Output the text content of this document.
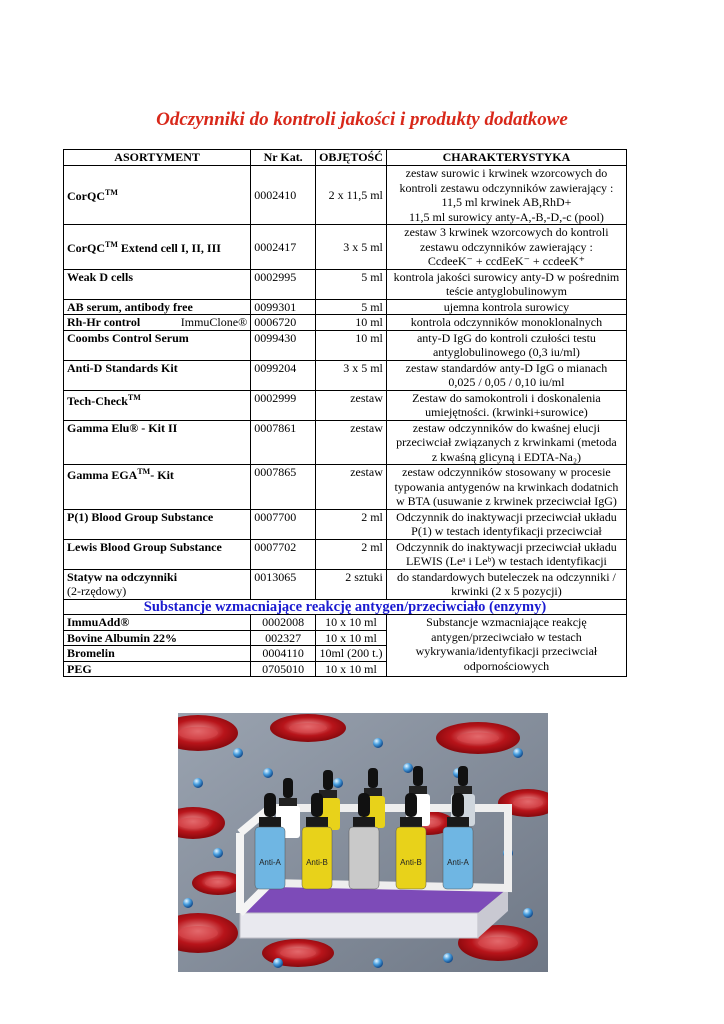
Odczynniki do kontroli jakości i produkty dodatkowe
ASORTYMENT	Nr Kat.	OBJĘTOŚĆ	CHARAKTERYSTYKA
CorQC™	0002410	2 x 11,5 ml	zestaw surowic i krwinek wzorcowych do
kontroli zestawu odczynników zawierający :
11,5 ml krwinek AB,RhD+
11,5 ml surowicy anty-A,-B,-D,-c (pool)
CorQC™ Extend cell I, II, III	0002417	3 x 5 ml	zestaw 3 krwinek wzorcowych do kontroli
zestawu odczynników zawierający :
CcdeeK⁻ + ccdEeK⁻ + ccdeeK⁺
Weak D cells	0002995	5 ml	kontrola jakości surowicy anty-D w pośrednim
teście antyglobulinowym
AB serum, antibody free	0099301	5 ml	ujemna kontrola surowicy
Rh-Hr control ImmuClone®	0006720	10 ml	kontrola odczynników monoklonalnych
Coombs Control Serum	0099430	10 ml	anty-D IgG do kontroli czułości testu
antyglobulinowego (0,3 iu/ml)
Anti-D Standards Kit	0099204	3 x 5 ml	zestaw standardów anty-D IgG o mianach
0,025 / 0,05 / 0,10 iu/ml
Tech-Check™	0002999	zestaw	Zestaw do samokontroli i doskonalenia
umiejętności. (krwinki+surowice)
Gamma Elu® - Kit II	0007861	zestaw	zestaw odczynników do kwaśnej elucji
przeciwciał związanych z krwinkami (metoda
z kwaśną glicyną i EDTA-Na₂)
Gamma EGA™- Kit	0007865	zestaw	zestaw odczynników stosowany w procesie
typowania antygenów na krwinkach dodatnich
w BTA (usuwanie z krwinek przeciwciał IgG)
P(1) Blood Group Substance	0007700	2 ml	Odczynnik do inaktywacji przeciwciał układu
P(1) w testach identyfikacji przeciwciał
Lewis Blood Group Substance	0007702	2 ml	Odczynnik do inaktywacji przeciwciał układu
LEWIS (Leᵃ i Leᵇ) w testach identyfikacji
Statyw na odczynniki
(2-rzędowy)	0013065	2 sztuki	do standardowych buteleczek na odczynniki /
krwinki (2 x 5 pozycji)
Substancje wzmacniające reakcję antygen/przeciwciało (enzymy)			
ImmuAdd®	0002008	10 x 10 ml	Substancje wzmacniające reakcję
antygen/przeciwciało w testach
wykrywania/identyfikacji przeciwciał
odpornościowych
Bovine Albumin 22%	002327	10 x 10 ml	
Bromelin	0004110	10ml (200 t.)	
PEG	0705010	10 x 10 ml	
Anti-A	Anti-B	Anti-B	Anti-A
